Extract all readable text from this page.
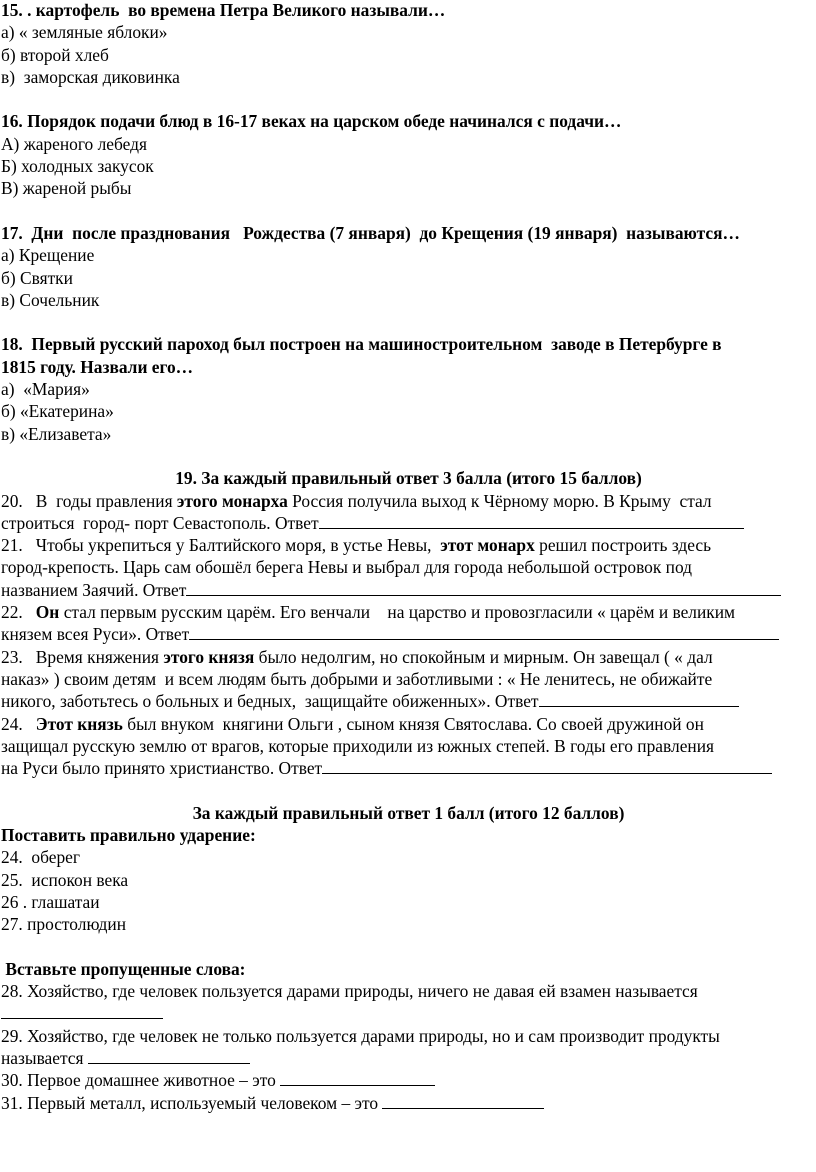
15. . картофель  во времена Петра Великого называли…
а) « земляные яблоки»
б) второй хлеб
в)  заморская диковинка
16. Порядок подачи блюд в 16-17 веках на царском обеде начинался с подачи…
А) жареного лебедя
Б) холодных закусок
В) жареной рыбы
17.  Дни  после празднования   Рождества (7 января)  до Крещения (19 января)  называются…
а) Крещение
б) Святки
в) Сочельник
18.  Первый русский пароход был построен на машиностроительном  заводе в Петербурге в
1815 году. Назвали его…
а)  «Мария»
б) «Екатерина»
в) «Елизавета»
19. За каждый правильный ответ 3 балла (итого 15 баллов)
20.   В  годы правления этого монарха Россия получила выход к Чёрному морю. В Крыму  стал
строиться  город- порт Севастополь. Ответ
21.   Чтобы укрепиться у Балтийского моря, в устье Невы,  этот монарх решил построить здесь
город-крепость. Царь сам обошёл берега Невы и выбрал для города небольшой островок под
названием Заячий. Ответ
22.   Он стал первым русским царём. Его венчали    на царство и провозгласили « царём и великим
князем всея Руси». Ответ
23.   Время княжения этого князя было недолгим, но спокойным и мирным. Он завещал ( « дал
наказ» ) своим детям  и всем людям быть добрыми и заботливыми : « Не ленитесь, не обижайте
никого, заботьтесь о больных и бедных,  защищайте обиженных». Ответ
24.   Этот князь был внуком  княгини Ольги , сыном князя Святослава. Со своей дружиной он
защищал русскую землю от врагов, которые приходили из южных степей. В годы его правления
на Руси было принято христианство. Ответ
За каждый правильный ответ 1 балл (итого 12 баллов)
Поставить правильно ударение:
24.  оберег
25.  испокон века
26 . глашатаи
27. простолюдин
Вставьте пропущенные слова:
28. Хозяйство, где человек пользуется дарами природы, ничего не давая ей взамен называется
29. Хозяйство, где человек не только пользуется дарами природы, но и сам производит продукты
называется
30. Первое домашнее животное – это
31. Первый металл, используемый человеком – это
